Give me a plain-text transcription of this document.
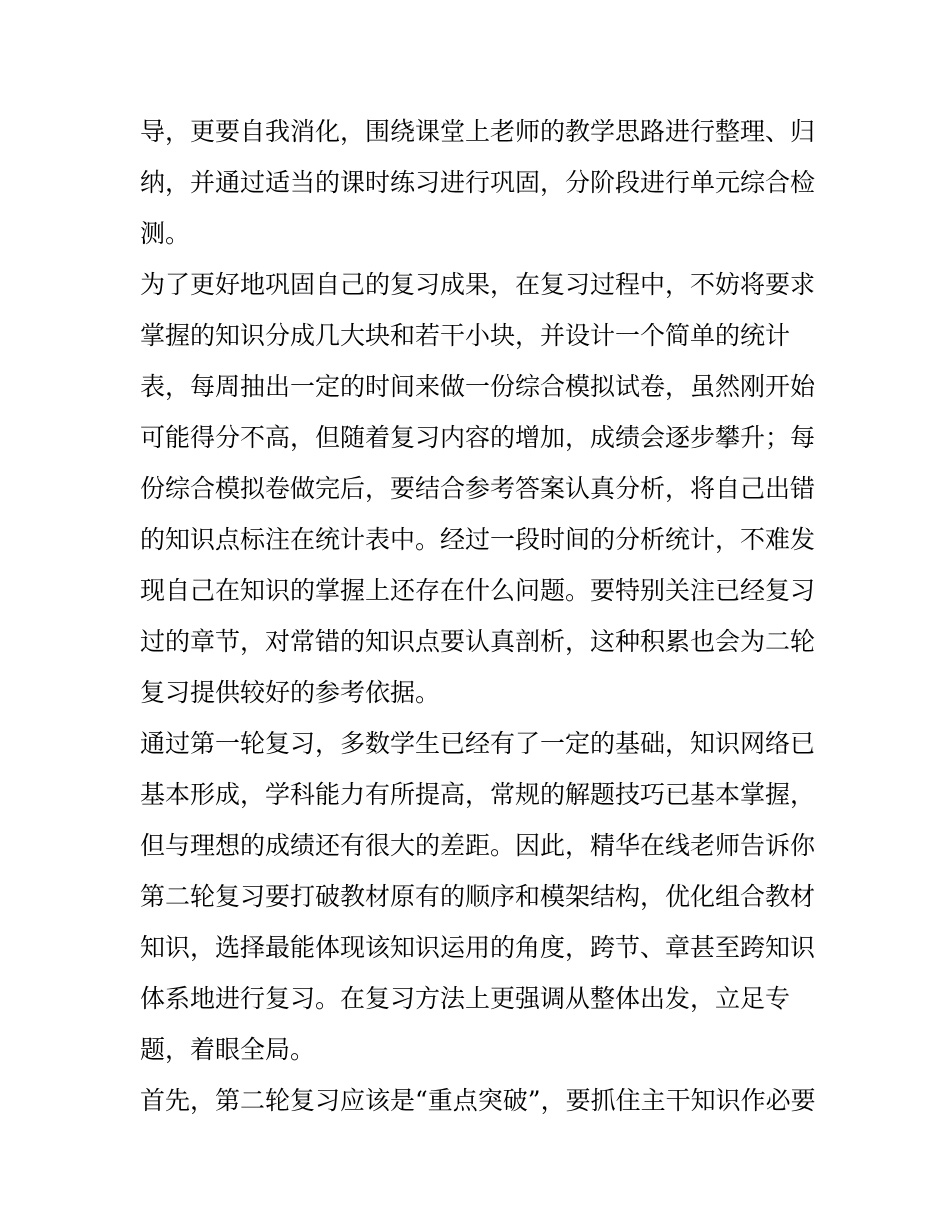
导，更要自我消化，围绕课堂上老师的教学思路进行整理、归

纳，并通过适当的课时练习进行巩固，分阶段进行单元综合检

测。

为了更好地巩固自己的复习成果，在复习过程中，不妨将要求

掌握的知识分成几大块和若干小块，并设计一个简单的统计

表，每周抽出一定的时间来做一份综合模拟试卷，虽然刚开始

可能得分不高，但随着复习内容的增加，成绩会逐步攀升；每

份综合模拟卷做完后，要结合参考答案认真分析，将自己出错

的知识点标注在统计表中。经过一段时间的分析统计，不难发

现自己在知识的掌握上还存在什么问题。要特别关注已经复习

过的章节，对常错的知识点要认真剖析，这种积累也会为二轮

复习提供较好的参考依据。

通过第一轮复习，多数学生已经有了一定的基础，知识网络已

基本形成，学科能力有所提高，常规的解题技巧已基本掌握，

但与理想的成绩还有很大的差距。因此，精华在线老师告诉你

第二轮复习要打破教材原有的顺序和模架结构，优化组合教材

知识，选择最能体现该知识运用的角度，跨节、章甚至跨知识

体系地进行复习。在复习方法上更强调从整体出发，立足专

题，着眼全局。

首先，第二轮复习应该是“重点突破”，要抓住主干知识作必要
